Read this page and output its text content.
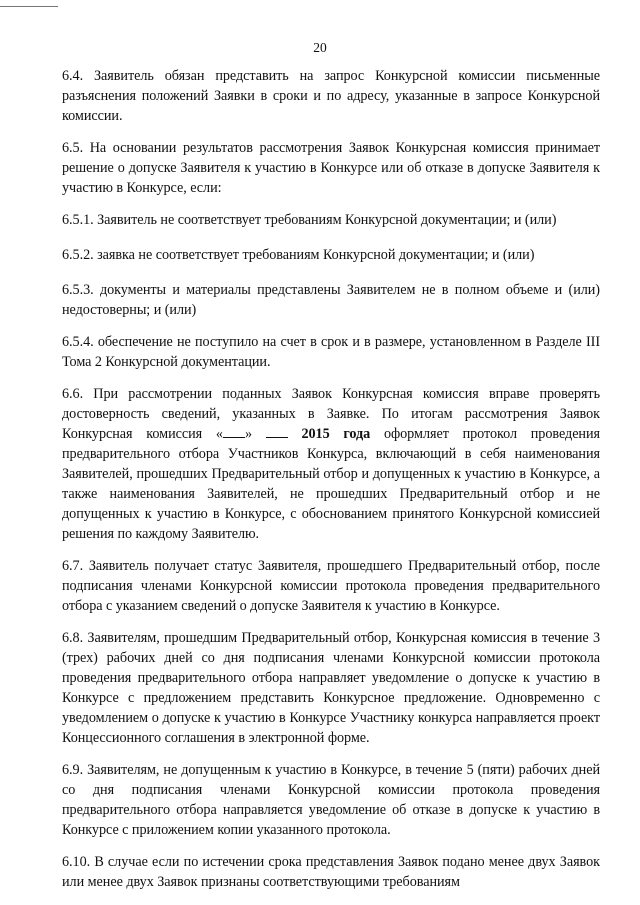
20

6.4. Заявитель обязан представить на запрос Конкурсной комиссии письменные разъяснения положений Заявки в сроки и по адресу, указанные в запросе Конкурсной комиссии.

6.5. На основании результатов рассмотрения Заявок Конкурсная комиссия принимает решение о допуске Заявителя к участию в Конкурсе или об отказе в допуске Заявителя к участию в Конкурсе, если:

6.5.1. Заявитель не соответствует требованиям Конкурсной документации; и (или)

6.5.2. заявка не соответствует требованиям Конкурсной документации; и (или)

6.5.3. документы и материалы представлены Заявителем не в полном объеме и (или) недостоверны; и (или)

6.5.4. обеспечение не поступило на счет в срок и в размере, установленном в Разделе III Тома 2 Конкурсной документации.

6.6. При рассмотрении поданных Заявок Конкурсная комиссия вправе проверять достоверность сведений, указанных в Заявке. По итогам рассмотрения Заявок Конкурсная комиссия « »	2015 года оформляет протокол проведения предварительного отбора Участников Конкурса, включающий в себя наименования Заявителей, прошедших Предварительный отбор и допущенных к участию в Конкурсе, а также наименования Заявителей, не прошедших Предварительный отбор и не допущенных к участию в Конкурсе, с обоснованием принятого Конкурсной комиссией решения по каждому Заявителю.

6.7. Заявитель получает статус Заявителя, прошедшего Предварительный отбор, после подписания членами Конкурсной комиссии протокола проведения предварительного отбора с указанием сведений о допуске Заявителя к участию в Конкурсе.

6.8. Заявителям, прошедшим Предварительный отбор, Конкурсная комиссия в течение 3 (трех) рабочих дней со дня подписания членами Конкурсной комиссии протокола проведения предварительного отбора направляет уведомление о допуске к участию в Конкурсе с предложением представить Конкурсное предложение. Одновременно с уведомлением о допуске к участию в Конкурсе Участнику конкурса направляется проект Концессионного соглашения в электронной форме.

6.9. Заявителям, не допущенным к участию в Конкурсе, в течение 5 (пяти) рабочих дней со дня подписания членами Конкурсной комиссии протокола проведения предварительного отбора направляется уведомление об отказе в допуске к участию в Конкурсе с приложением копии указанного протокола.

6.10. В случае если по истечении срока представления Заявок подано менее двух Заявок или менее двух Заявок признаны соответствующими требованиям
